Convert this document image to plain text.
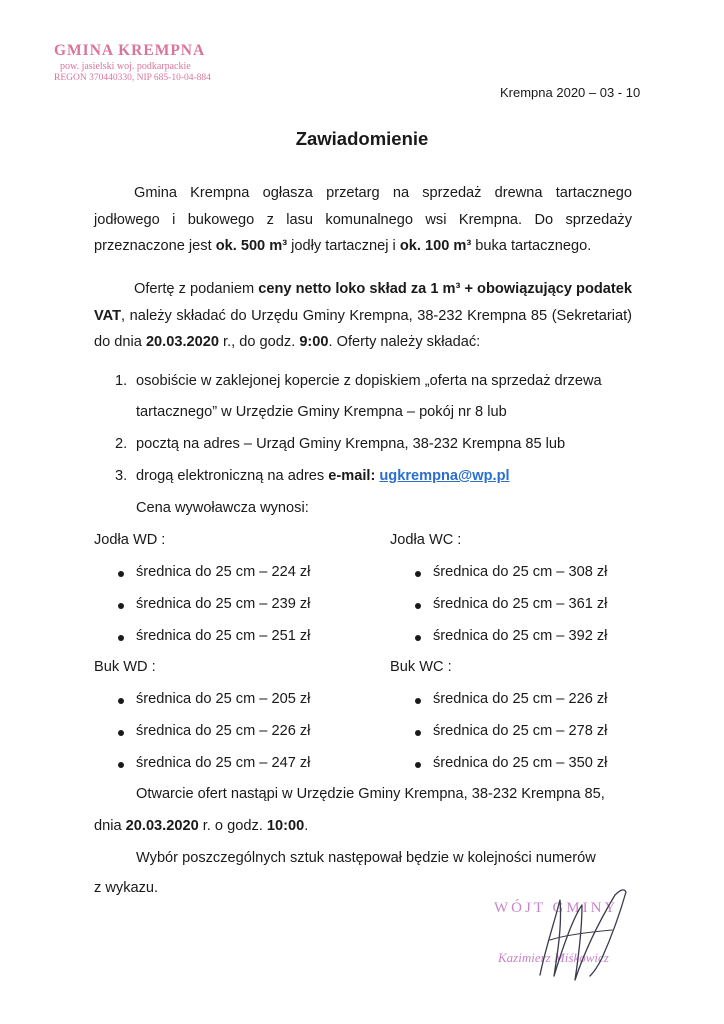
GMINA KREMPNA
pow. jasielski woj. podkarpackie
REGON 370440330, NIP 685-10-04-884
Krempna 2020 – 03 - 10
Zawiadomienie
Gmina Krempna ogłasza przetarg na sprzedaż drewna tartacznego jodłowego i bukowego z lasu komunalnego wsi Krempna. Do sprzedaży przeznaczone jest ok. 500 m³ jodły tartacznej i ok. 100 m³ buka tartacznego.
Ofertę z podaniem ceny netto loko skład za 1 m³ + obowiązujący podatek VAT, należy składać do Urzędu Gminy Krempna, 38-232 Krempna 85 (Sekretariat) do dnia 20.03.2020 r., do godz. 9:00. Oferty należy składać:
1. osobiście w zaklejonej kopercie z dopiskiem „oferta na sprzedaż drzewa
tartacznego” w Urzędzie Gminy Krempna – pokój nr 8 lub
2. pocztą na adres – Urząd Gminy Krempna, 38-232 Krempna 85 lub
3. drogą elektroniczną na adres e-mail: ugkrempna@wp.pl
Cena wywoławcza wynosi:
Jodła WD :
średnica do 25 cm – 224 zł
średnica do 25 cm – 239 zł
średnica do 25 cm – 251 zł
Jodła WC :
średnica do 25 cm – 308 zł
średnica do 25 cm – 361 zł
średnica do 25 cm – 392 zł
Buk WD :
średnica do 25 cm – 205 zł
średnica do 25 cm – 226 zł
średnica do 25 cm – 247 zł
Buk WC :
średnica do 25 cm – 226 zł
średnica do 25 cm – 278 zł
średnica do 25 cm – 350 zł
Otwarcie ofert nastąpi w Urzędzie Gminy Krempna, 38-232 Krempna 85,
dnia 20.03.2020 r. o godz. 10:00.
Wybór poszczególnych sztuk następował będzie w kolejności numerów
z wykazu.
WÓJT GMINY
Kazimierz Miśkowicz
